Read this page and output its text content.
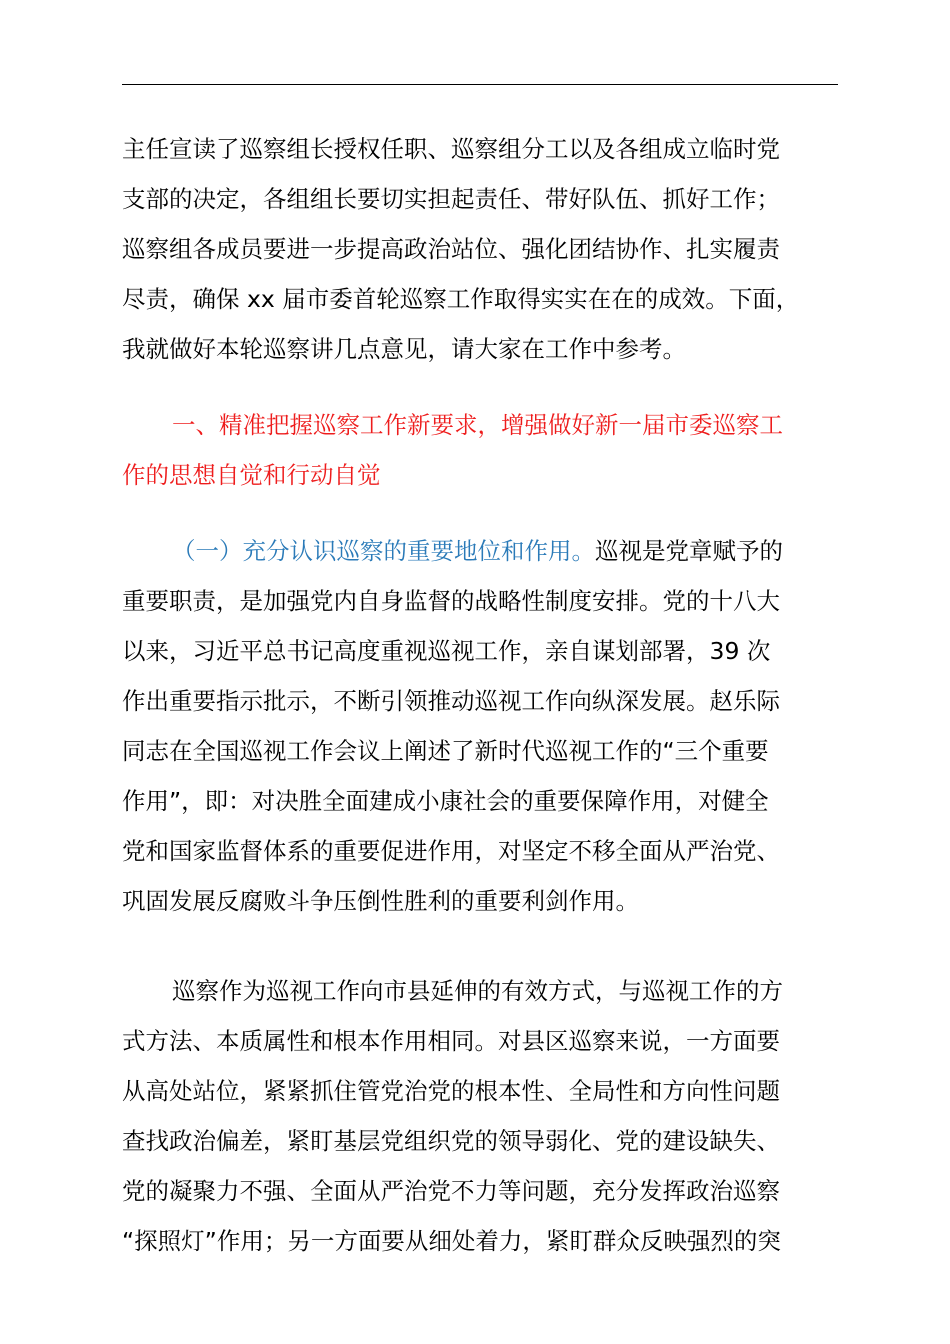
主任宣读了巡察组长授权任职、巡察组分工以及各组成立临时党
支部的决定，各组组长要切实担起责任、带好队伍、抓好工作；
巡察组各成员要进一步提高政治站位、强化团结协作、扎实履责
尽责，确保 xx 届市委首轮巡察工作取得实实在在的成效。下面，
我就做好本轮巡察讲几点意见，请大家在工作中参考。
一、精准把握巡察工作新要求，增强做好新一届市委巡察工
作的思想自觉和行动自觉
（一）充分认识巡察的重要地位和作用。巡视是党章赋予的
重要职责，是加强党内自身监督的战略性制度安排。党的十八大
以来，习近平总书记高度重视巡视工作，亲自谋划部署，39 次
作出重要指示批示，不断引领推动巡视工作向纵深发展。赵乐际
同志在全国巡视工作会议上阐述了新时代巡视工作的“三个重要
作用”，即：对决胜全面建成小康社会的重要保障作用，对健全
党和国家监督体系的重要促进作用，对坚定不移全面从严治党、
巩固发展反腐败斗争压倒性胜利的重要利剑作用。
巡察作为巡视工作向市县延伸的有效方式，与巡视工作的方
式方法、本质属性和根本作用相同。对县区巡察来说，一方面要
从高处站位，紧紧抓住管党治党的根本性、全局性和方向性问题
查找政治偏差，紧盯基层党组织党的领导弱化、党的建设缺失、
党的凝聚力不强、全面从严治党不力等问题，充分发挥政治巡察
“探照灯”作用；另一方面要从细处着力，紧盯群众反映强烈的突
